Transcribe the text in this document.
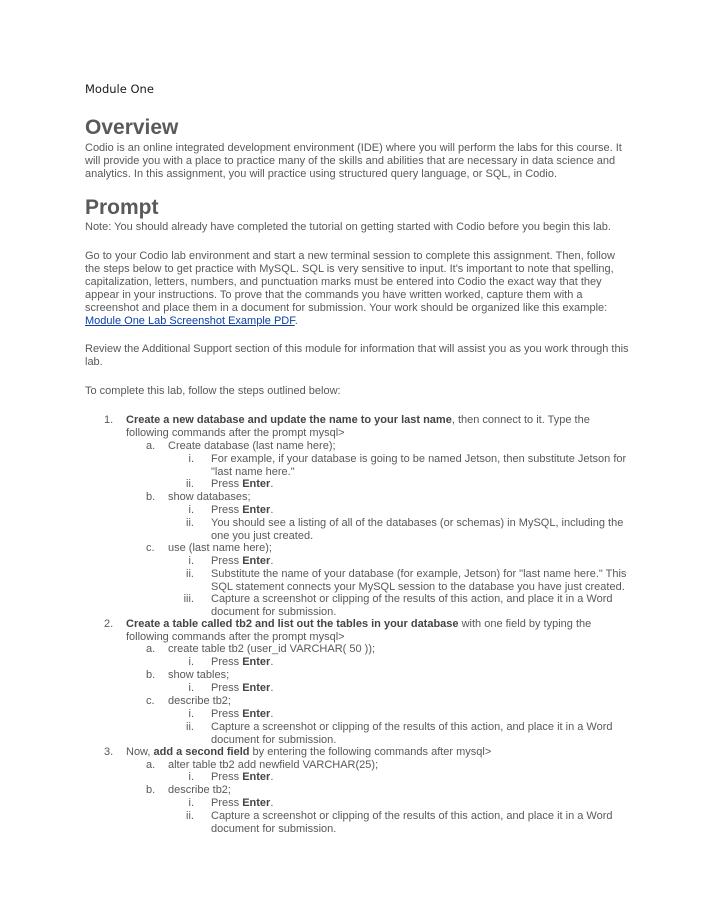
Module One
Overview

Codio is an online integrated development environment (IDE) where you will perform the labs for this course. It will provide you with a place to practice many of the skills and abilities that are necessary in data science and analytics. In this assignment, you will practice using structured query language, or SQL, in Codio.

Prompt

Note: You should already have completed the tutorial on getting started with Codio before you begin this lab.

Go to your Codio lab environment and start a new terminal session to complete this assignment. Then, follow the steps below to get practice with MySQL. SQL is very sensitive to input. It's important to note that spelling, capitalization, letters, numbers, and punctuation marks must be entered into Codio the exact way that they appear in your instructions. To prove that the commands you have written worked, capture them with a screenshot and place them in a document for submission. Your work should be organized like this example: Module One Lab Screenshot Example PDF.

Review the Additional Support section of this module for information that will assist you as you work through this lab.

To complete this lab, follow the steps outlined below:

1. Create a new database and update the name to your last name, then connect to it. Type the following commands after the prompt mysql>
a. Create database (last name here);
i. For example, if your database is going to be named Jetson, then substitute Jetson for "last name here."
ii. Press Enter.
b. show databases;
i. Press Enter.
ii. You should see a listing of all of the databases (or schemas) in MySQL, including the one you just created.
c.	use (last name here);
i. Press Enter.
ii. Substitute the name of your database (for example, Jetson) for "last name here." This SQL statement connects your MySQL session to the database you have just created.
iii. Capture a screenshot or clipping of the results of this action, and place it in a Word document for submission.
2. Create a table called tb2 and list out the tables in your database with one field by typing the following commands after the prompt mysql>
a. create table tb2 (user_id VARCHAR( 50 ));
i. Press Enter.
b. show tables;
i. Press Enter.
c.	describe tb2;
i. Press Enter.
ii. Capture a screenshot or clipping of the results of this action, and place it in a Word document for submission.
3. Now, add a second field by entering the following commands after mysql>
a. alter table tb2 add newfield VARCHAR(25);
i. Press Enter.
b. describe tb2;
i. Press Enter.
ii. Capture a screenshot or clipping of the results of this action, and place it in a Word document for submission.
